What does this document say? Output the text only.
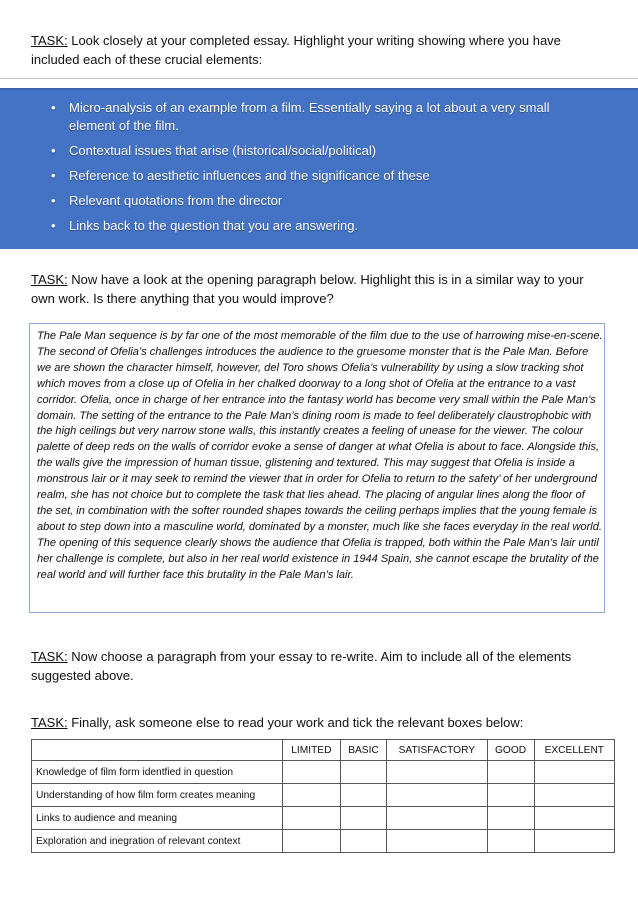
TASK: Look closely at your completed essay. Highlight your writing showing where you have included each of these crucial elements:
• Micro-analysis of an example from a film. Essentially saying a lot about a very small element of the film.
• Contextual issues that arise (historical/social/political)
• Reference to aesthetic influences and the significance of these
• Relevant quotations from the director
• Links back to the question that you are answering.
TASK: Now have a look at the opening paragraph below. Highlight this is in a similar way to your own work. Is there anything that you would improve?

The Pale Man sequence is by far one of the most memorable of the film due to the use of harrowing mise-en-scene. The second of Ofelia’s challenges introduces the audience to the gruesome monster that is the Pale Man. Before we are shown the character himself, however, del Toro shows Ofelia’s vulnerability by using a slow tracking shot which moves from a close up of Ofelia in her chalked doorway to a long shot of Ofelia at the entrance to a vast corridor. Ofelia, once in charge of her entrance into the fantasy world has become very small within the Pale Man’s domain. The setting of the entrance to the Pale Man’s dining room is made to feel deliberately claustrophobic with the high ceilings but very narrow stone walls, this instantly creates a feeling of unease for the viewer. The colour palette of deep reds on the walls of corridor evoke a sense of danger at what Ofelia is about to face. Alongside this, the walls give the impression of human tissue, glistening and textured. This may suggest that Ofelia is inside a monstrous lair or it may seek to remind the viewer that in order for Ofelia to return to the safety’ of her underground realm, she has not choice but to complete the task that lies ahead. The placing of angular lines along the floor of the set, in combination with the softer rounded shapes towards the ceiling perhaps implies that the young female is about to step down into a masculine world, dominated by a monster, much like she faces everyday in the real world. The opening of this sequence clearly shows the audience that Ofelia is trapped, both within the Pale Man’s lair until her challenge is complete, but also in her real world existence in 1944 Spain, she cannot escape the brutality of the real world and will further face this brutality in the Pale Man’s lair.

TASK: Now choose a paragraph from your essay to re-write. Aim to include all of the elements suggested above.
TASK: Finally, ask someone else to read your work and tick the relevant boxes below:
	LIMITED	BASIC	SATISFACTORY	GOOD	EXCELLENT
Knowledge of film form identfied in question					
Understanding of how film form creates meaning					
Links to audience and meaning					
Exploration and inegration of relevant context					
